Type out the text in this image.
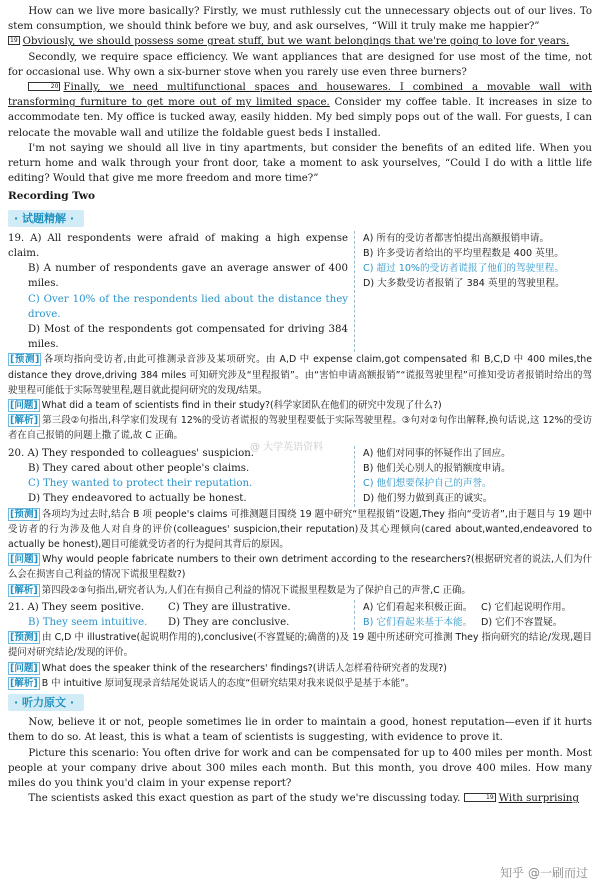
How can we live more basically? Firstly, we must ruthlessly cut the unnecessary objects out of our lives. To stem consumption, we should think before we buy, and ask ourselves, “Will it truly make me happier?”

19 Obviously, we should possess some great stuff, but we want belongings that we're going to love for years.

Secondly, we require space efficiency. We want appliances that are designed for use most of the time, not for occasional use. Why own a six-burner stove when you rarely use even three burners?

20 Finally, we need multifunctional spaces and housewares. I combined a movable wall with transforming furniture to get more out of my limited space. Consider my coffee table. It increases in size to accommodate ten. My office is tucked away, easily hidden. My bed simply pops out of the wall. For guests, I can relocate the movable wall and utilize the foldable guest beds I installed.

I'm not saying we should all live in tiny apartments, but consider the benefits of an edited life. When you return home and walk through your front door, take a moment to ask yourselves, “Could I do with a little life editing? Would that give me more freedom and more time?”

Recording Two
· 试题精解 ·

19. A) All respondents were afraid of making a high expense claim.

B) A number of respondents gave an average answer of 400 miles.

C) Over 10% of the respondents lied about the distance they drove.

D) Most of the respondents got compensated for driving 384 miles.

A) 所有的受访者都害怕提出高额报销申请。

B) 许多受访者给出的平均里程数是 400 英里。

C) 超过 10%的受访者谎报了他们的驾驶里程。

D) 大多数受访者报销了 384 英里的驾驶里程。

[预测] 各项均指向受访者,由此可推测录音涉及某项研究。由 A,D 中 expense claim,got compensated 和 B,C,D 中 400 miles,the distance they drove,driving 384 miles 可知研究涉及“里程报销”。由“害怕申请高额报销”“谎报驾驶里程”可推知受访者报销时给出的驾驶里程可能低于实际驾驶里程,题目就此提问研究的发现/结果。

[问题] What did a team of scientists find in their study?(科学家团队在他们的研究中发现了什么?)

[解析] 第三段②句指出,科学家们发现有 12%的受访者谎报的驾驶里程要低于实际驾驶里程。③句对②句作出解释,换句话说,这 12%的受访者在自己报销的问题上撒了谎,故 C 正确。

20. A) They responded to colleagues' suspicion.

B) They cared about other people's claims.

C) They wanted to protect their reputation.

D) They endeavored to actually be honest.

A) 他们对同事的怀疑作出了回应。

B) 他们关心别人的报销额度申请。

C) 他们想要保护自己的声誉。

D) 他们努力做到真正的诚实。

[预测] 各项均为过去时,结合 B 项 people's claims 可推测题目围绕 19 题中研究“里程报销”设题,They 指向“受访者”,由于题目与 19 题中受访者的行为涉及他人对自身的评价(colleagues' suspicion,their reputation)及其心理倾向(cared about,wanted,endeavored to actually be honest),题目可能就受访者的行为提问其背后的原因。

[问题] Why would people fabricate numbers to their own detriment according to the researchers?(根据研究者的说法,人们为什么会在损害自己利益的情况下谎报里程数?)

[解析] 第四段②③句指出,研究者认为,人们在有损自己利益的情况下谎报里程数是为了保护自己的声誉,C 正确。

21. A) They seem positive. C) They are illustrative.

B) They seem intuitive. D) They are conclusive.

A) 它们看起来积极正面。 C) 它们起说明作用。

B) 它们看起来基于本能。 D) 它们不容置疑。

[预测] 由 C,D 中 illustrative(起说明作用的),conclusive(不容置疑的;确凿的)及 19 题中所述研究可推测 They 指向研究的结论/发现,题目提问对研究结论/发现的评价。

[问题] What does the speaker think of the researchers' findings?(讲话人怎样看待研究者的发现?)

[解析] B 中 intuitive 原词复现录音结尾处说话人的态度“但研究结果对我来说似乎是基于本能”。

· 听力原文 ·

Now, believe it or not, people sometimes lie in order to maintain a good, honest reputation—even if it hurts them to do so. At least, this is what a team of scientists is suggesting, with evidence to prove it.

Picture this scenario: You often drive for work and can be compensated for up to 400 miles per month. Most people at your company drive about 300 miles each month. But this month, you drove 400 miles. How many miles do you think you'd claim in your expense report?

The scientists asked this exact question as part of the study we're discussing today.	19 With surprising

@ 大学英语资料
知乎 @一刷而过
